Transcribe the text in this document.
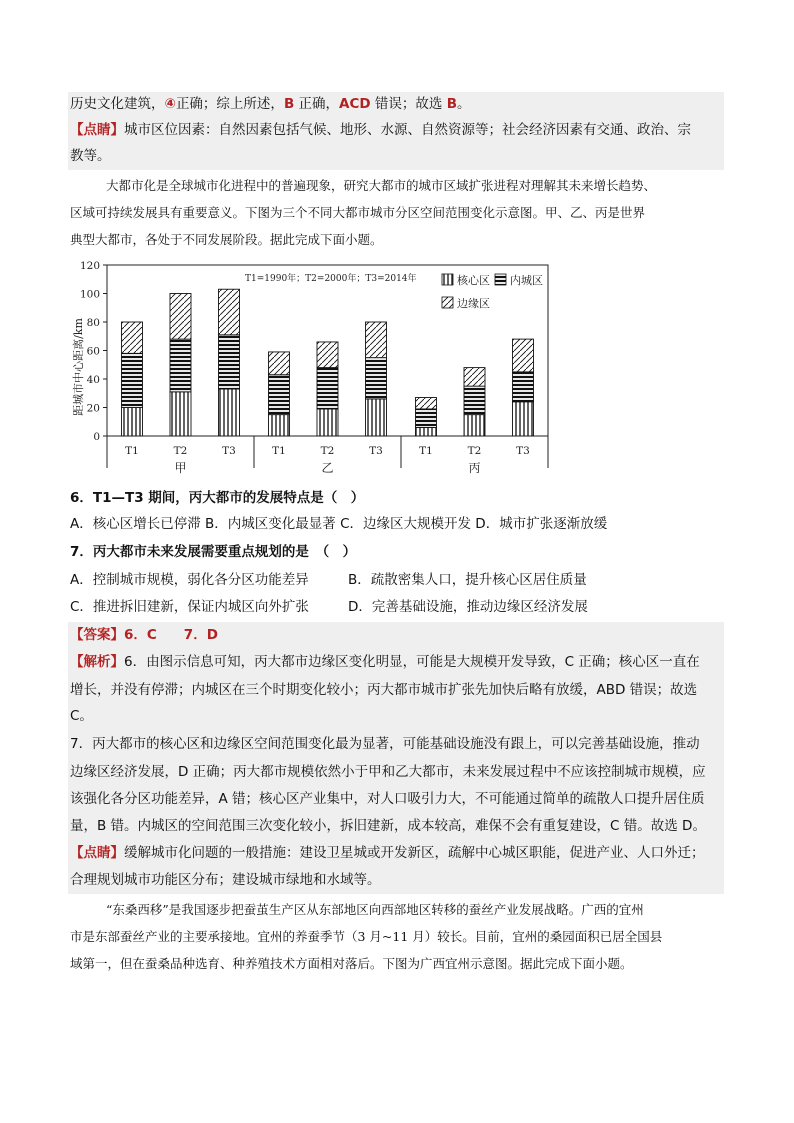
历史文化建筑，④正确；综上所述，B 正确，ACD 错误；故选 B。
【点睛】城市区位因素：自然因素包括气候、地形、水源、自然资源等；社会经济因素有交通、政治、宗
教等。
大都市化是全球城市化进程中的普遍现象，研究大都市的城市区域扩张进程对理解其未来增长趋势、
区域可持续发展具有重要意义。下图为三个不同大都市城市分区空间范围变化示意图。甲、乙、丙是世界
典型大都市，各处于不同发展阶段。据此完成下面小题。
0
20
40
60
80
100
120
T1	T2	T3	T1	T2	T3	T1	T2	T3
甲	乙	丙
T1=1990年；T2=2000年；T3=2014年
距城市中心距离/km
核心区 内城区
边缘区
6．T1—T3 期间，丙大都市的发展特点是（　）
A．核心区增长已停滞 B．内城区变化最显著 C．边缘区大规模开发 D．城市扩张逐渐放缓
7．丙大都市未来发展需要重点规划的是　（　）
A．控制城市规模，弱化各分区功能差异	B．疏散密集人口，提升核心区居住质量
C．推进拆旧建新，保证内城区向外扩张	D．完善基础设施，推动边缘区经济发展
【答案】6．C　　7．D
【解析】6．由图示信息可知，丙大都市边缘区变化明显，可能是大规模开发导致，C 正确；核心区一直在
增长，并没有停滞；内城区在三个时期变化较小；丙大都市城市扩张先加快后略有放缓，ABD 错误；故选
C。
7．丙大都市的核心区和边缘区空间范围变化最为显著，可能基础设施没有跟上，可以完善基础设施，推动
边缘区经济发展，D 正确；丙大都市规模依然小于甲和乙大都市，未来发展过程中不应该控制城市规模，应
该强化各分区功能差异，A 错；核心区产业集中，对人口吸引力大，不可能通过简单的疏散人口提升居住质
量，B 错。内城区的空间范围三次变化较小，拆旧建新，成本较高，难保不会有重复建设，C 错。故选 D。
【点睛】缓解城市化问题的一般措施：建设卫星城或开发新区，疏解中心城区职能，促进产业、人口外迁；
合理规划城市功能区分布；建设城市绿地和水域等。
“东桑西移”是我国逐步把蚕茧生产区从东部地区向西部地区转移的蚕丝产业发展战略。广西的宜州
市是东部蚕丝产业的主要承接地。宜州的养蚕季节（3 月~11 月）较长。目前，宜州的桑园面积已居全国县
域第一，但在蚕桑品种选育、种养殖技术方面相对落后。下图为广西宜州示意图。据此完成下面小题。
